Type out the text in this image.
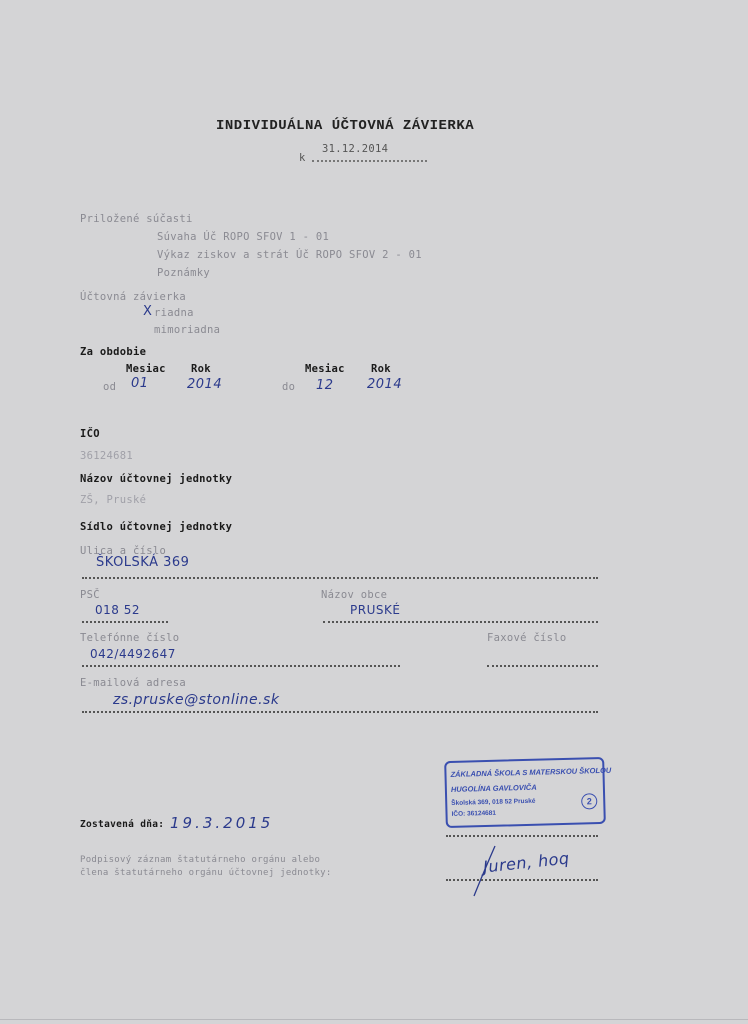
INDIVIDUÁLNA ÚČTOVNÁ ZÁVIERKA
k
31.12.2014
Priložené súčasti
Súvaha Úč ROPO SFOV 1 - 01
Výkaz ziskov a strát Úč ROPO SFOV 2 - 01
Poznámky
Účtovná závierka
X riadna
mimoriadna
Za obdobie
Mesiac Rok	Mesiac	Rok
od 01	2014	do 12	2014
IČO
36124681
Názov účtovnej jednotky
ZŠ, Pruské
Sídlo účtovnej jednotky
Ulica a číslo
ŠKOLSKÁ 369
PSČ
018 52
Názov obce
PRUSKÉ
Telefónne číslo
042/4492647
Faxové číslo
E-mailová adresa
zs.pruske@stonline.sk
ZÁKLADNÁ ŠKOLA S MATERSKOU ŠKOLOU
HUGOLÍNA GAVLOVIČA
Školská 369, 018 52 Pruské
IČO: 36124681
2
Zostavená dňa: 19.3.2015
Podpisový záznam štatutárneho orgánu alebo
člena štatutárneho orgánu účtovnej jednotky:	Juren, hoq
